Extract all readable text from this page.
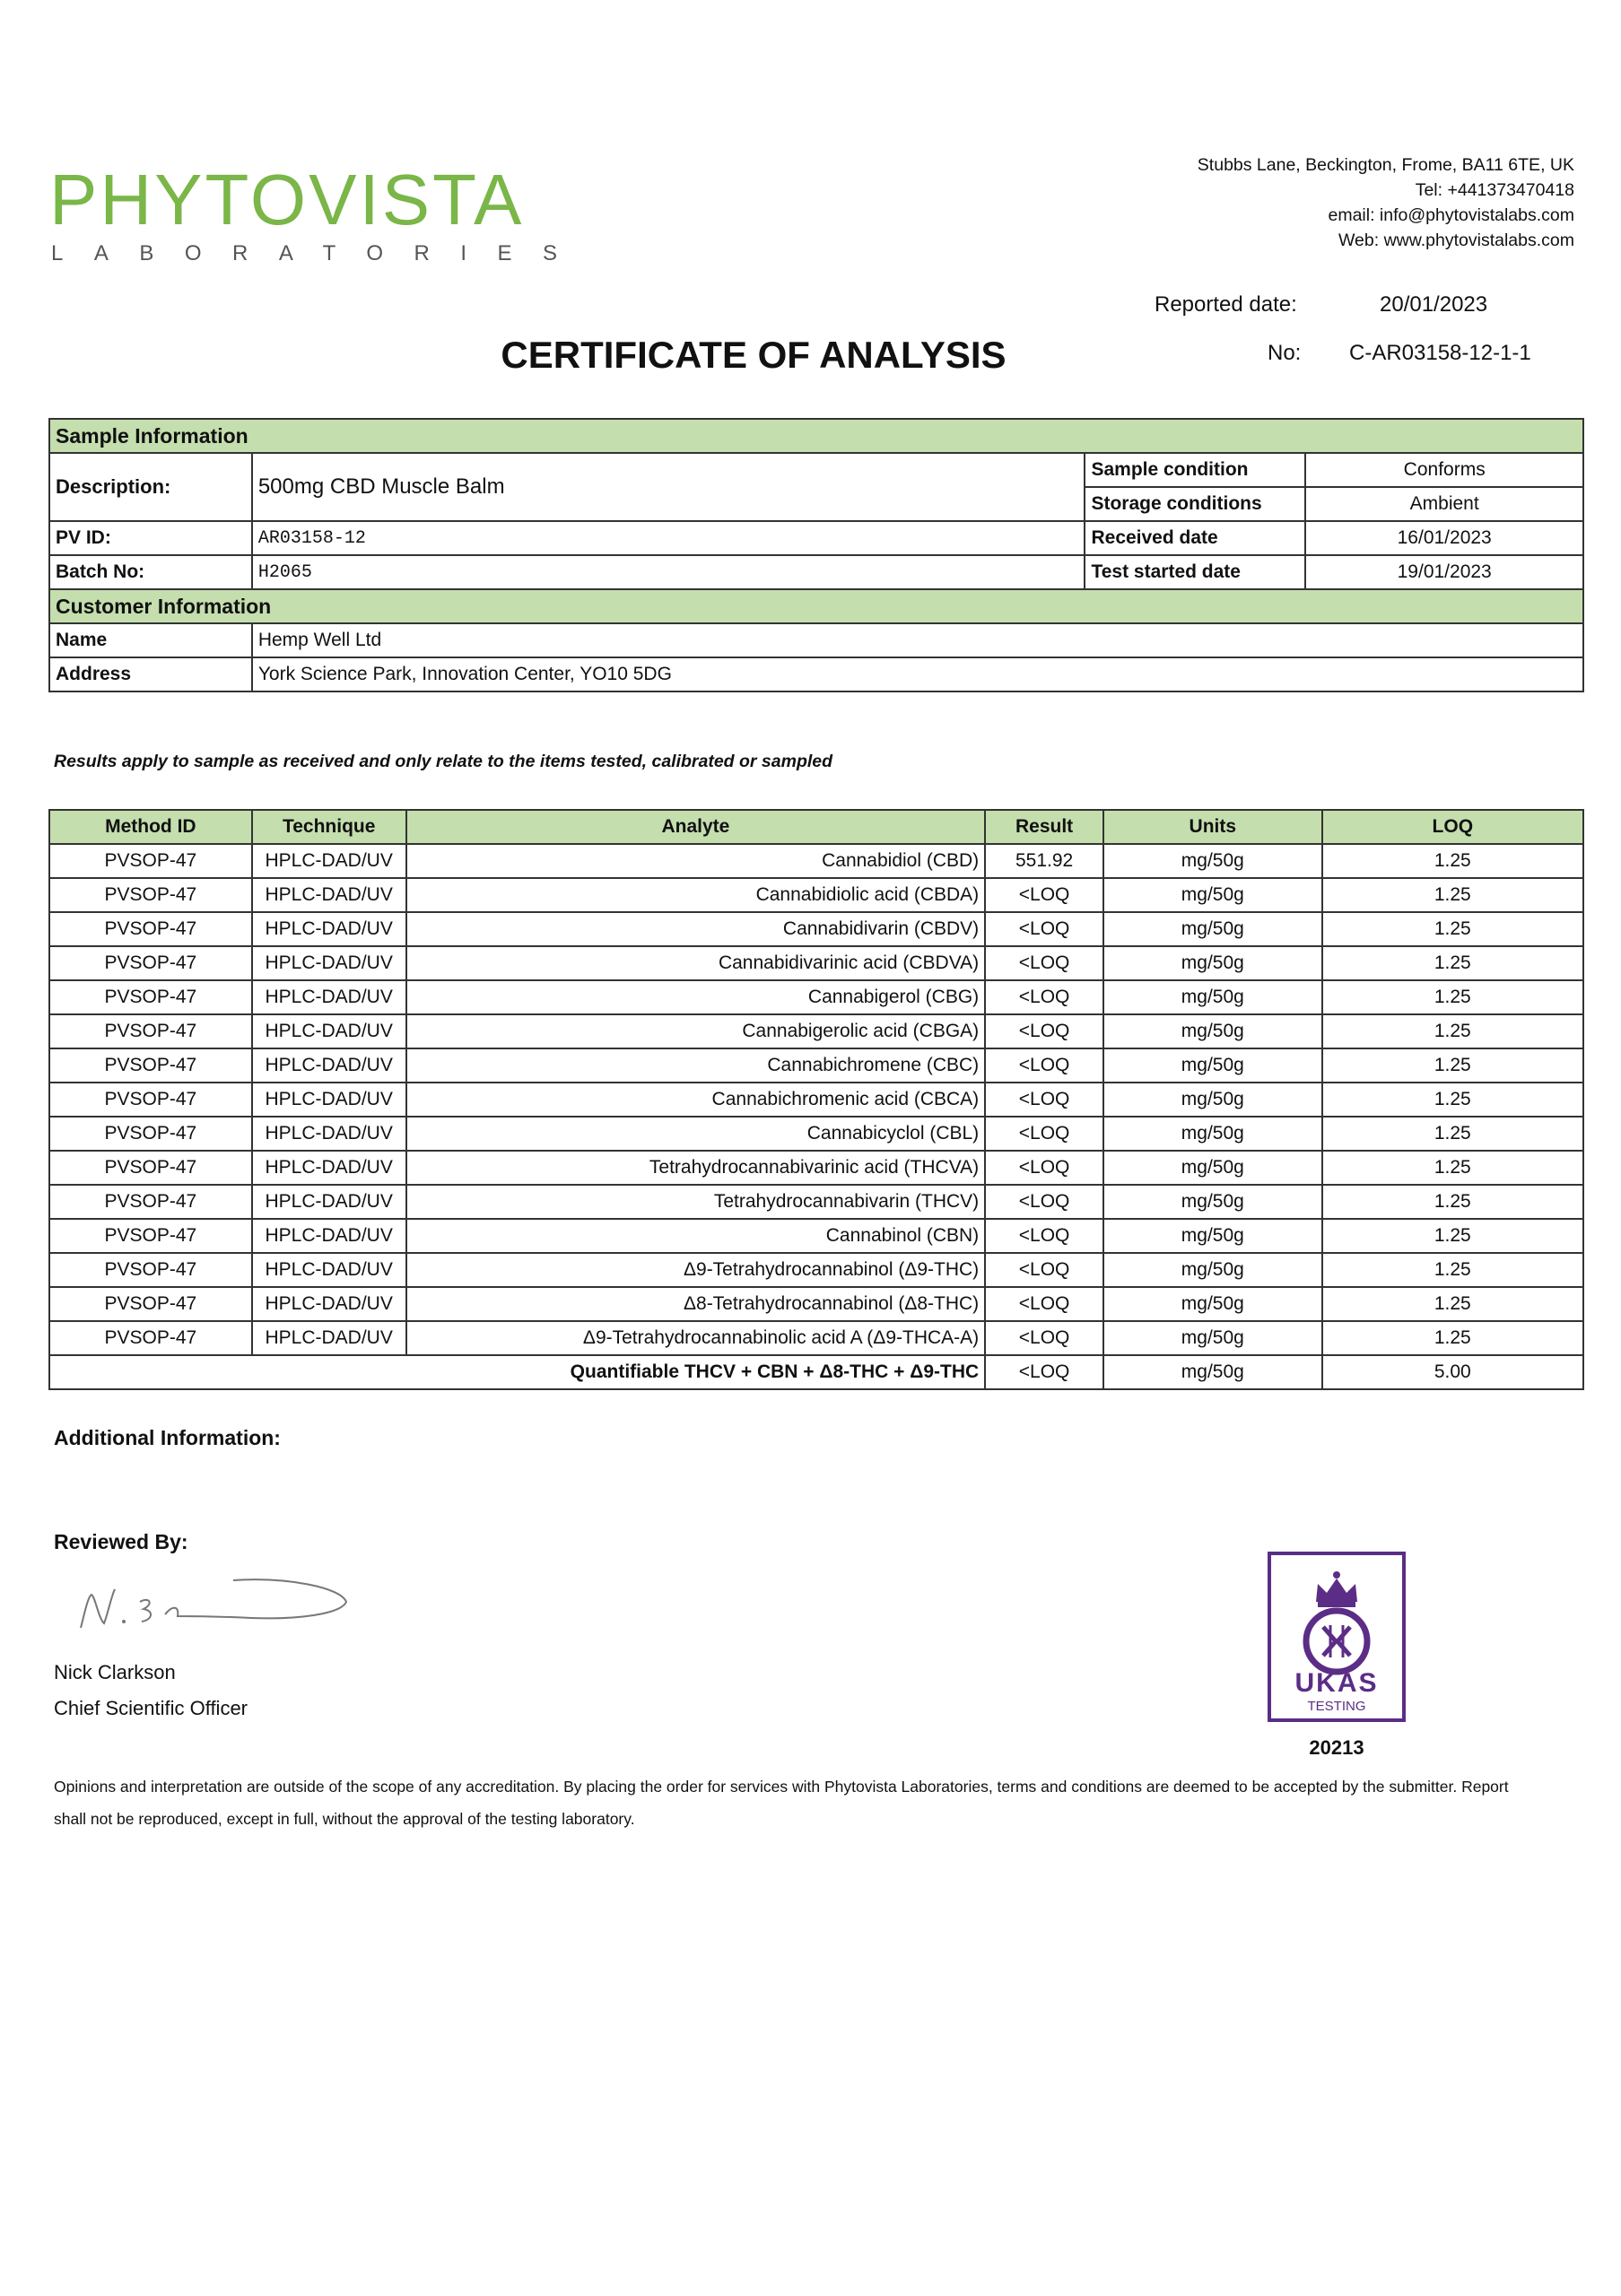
PHYTOVISTA
LABORATORIES
Stubbs Lane, Beckington, Frome, BA11 6TE, UK
Tel: +441373470418
email: info@phytovistalabs.com
Web: www.phytovistalabs.com
Reported date:	20/01/2023
No: C-AR03158-12-1-1
CERTIFICATE OF ANALYSIS
Sample Information			
Description:	500mg CBD Muscle Balm	Sample condition	Conforms
		Storage conditions	Ambient
PV ID:	AR03158-12	Received date	16/01/2023
Batch No:	H2065	Test started date	19/01/2023
Customer Information			
Name	Hemp Well Ltd		
Address	York Science Park, Innovation Center, YO10 5DG		
Results apply to sample as received and only relate to the items tested, calibrated or sampled
Method ID	Technique	Analyte	Result	Units	LOQ
PVSOP-47	HPLC-DAD/UV	Cannabidiol (CBD)	551.92	mg/50g	1.25
PVSOP-47	HPLC-DAD/UV	Cannabidiolic acid (CBDA)	<LOQ	mg/50g	1.25
PVSOP-47	HPLC-DAD/UV	Cannabidivarin (CBDV)	<LOQ	mg/50g	1.25
PVSOP-47	HPLC-DAD/UV	Cannabidivarinic acid (CBDVA)	<LOQ	mg/50g	1.25
PVSOP-47	HPLC-DAD/UV	Cannabigerol (CBG)	<LOQ	mg/50g	1.25
PVSOP-47	HPLC-DAD/UV	Cannabigerolic acid (CBGA)	<LOQ	mg/50g	1.25
PVSOP-47	HPLC-DAD/UV	Cannabichromene (CBC)	<LOQ	mg/50g	1.25
PVSOP-47	HPLC-DAD/UV	Cannabichromenic acid (CBCA)	<LOQ	mg/50g	1.25
PVSOP-47	HPLC-DAD/UV	Cannabicyclol (CBL)	<LOQ	mg/50g	1.25
PVSOP-47	HPLC-DAD/UV	Tetrahydrocannabivarinic acid (THCVA)	<LOQ	mg/50g	1.25
PVSOP-47	HPLC-DAD/UV	Tetrahydrocannabivarin (THCV)	<LOQ	mg/50g	1.25
PVSOP-47	HPLC-DAD/UV	Cannabinol (CBN)	<LOQ	mg/50g	1.25
PVSOP-47	HPLC-DAD/UV	Δ9-Tetrahydrocannabinol (Δ9-THC)	<LOQ	mg/50g	1.25
PVSOP-47	HPLC-DAD/UV	Δ8-Tetrahydrocannabinol (Δ8-THC)	<LOQ	mg/50g	1.25
PVSOP-47	HPLC-DAD/UV	Δ9-Tetrahydrocannabinolic acid A (Δ9-THCA-A)	<LOQ	mg/50g	1.25
		Quantifiable THCV + CBN + Δ8-THC + Δ9-THC	<LOQ	mg/50g	5.00
Additional Information:
Reviewed By:
Nick Clarkson
Chief Scientific Officer
UKAS
TESTING
20213
Opinions and interpretation are outside of the scope of any accreditation. By placing the order for services with Phytovista Laboratories, terms and conditions are deemed to be accepted by the submitter. Report shall not be reproduced, except in full, without the approval of the testing laboratory.
